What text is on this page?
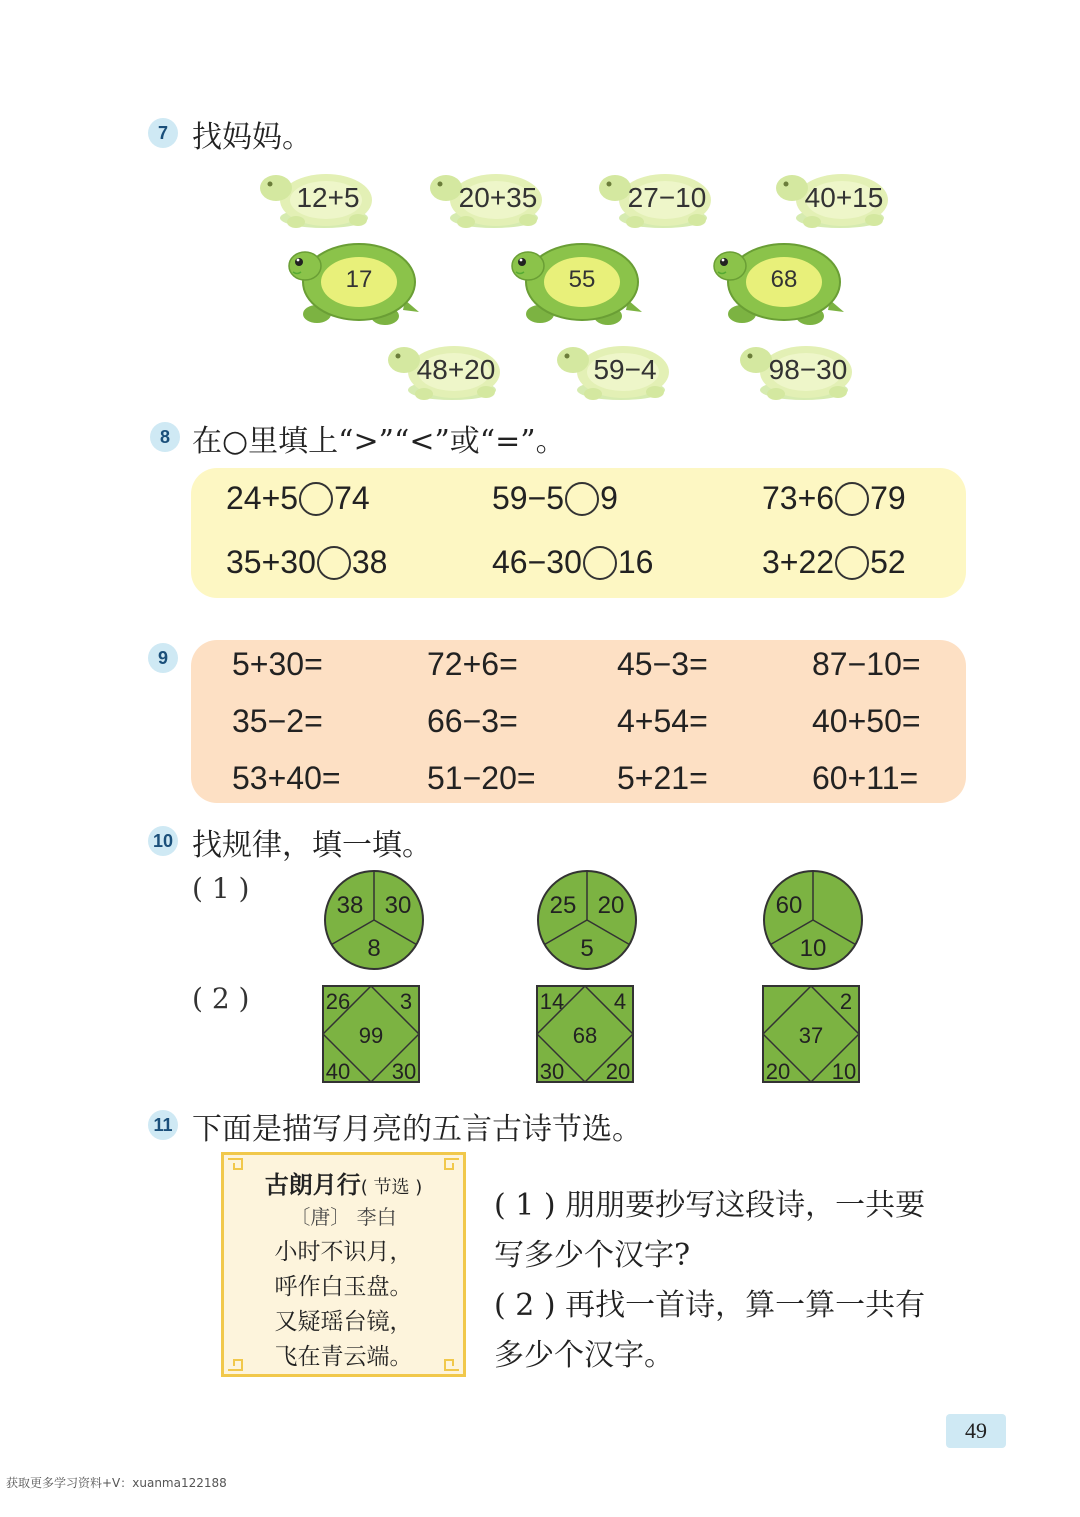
7 找妈妈。
12+5	20+35	27−10	40+15
17	55	68
48+20	59−4	98−30
8 在○里填上“>”“<”或“=”。
24+5 74	59−5 9	73+6 79
35+30 38	46−30 16	3+22 52
9	5+30=	72+6=	45−3=	87−10=
35−2=	66−3=	4+54=	40+50=
53+40=	51−20=	5+21=	60+11=
10 找规律，填一填。
( 1 )
( 2 )
38 30
8
25 20
5
60
10
26 3
99
40 30
14 4
68
30 20
2
37
20 10
11 下面是描写月亮的五言古诗节选。
古朗月行( 节选 )
〔唐〕 李白
小时不识月，
呼作白玉盘。
又疑瑶台镜，
飞在青云端。
( 1 ) 朋朋要抄写这段诗，一共要
写多少个汉字?
( 2 ) 再找一首诗，算一算一共有
多少个汉字。
49
获取更多学习资料+V：xuanma122188
